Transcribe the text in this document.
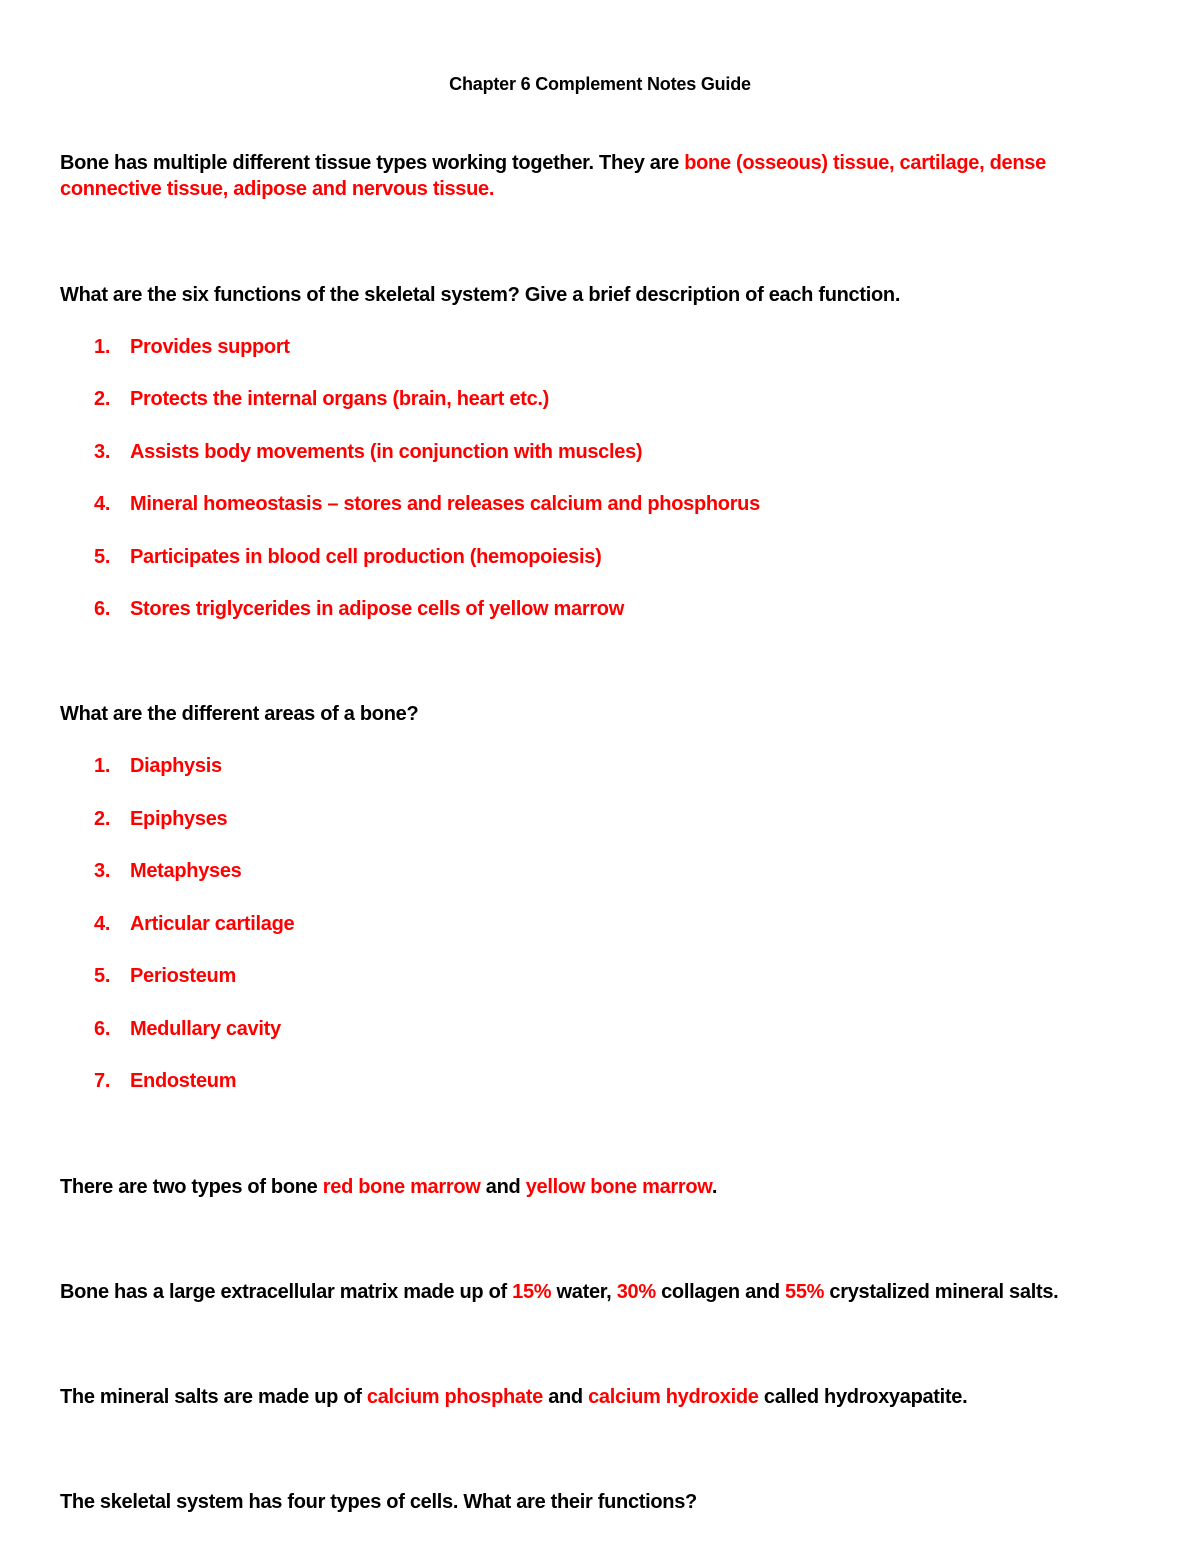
Chapter 6 Complement Notes Guide
Bone has multiple different tissue types working together. They are bone (osseous) tissue, cartilage, dense connective tissue, adipose and nervous tissue.
What are the six functions of the skeletal system? Give a brief description of each function.
1. Provides support
2. Protects the internal organs (brain, heart etc.)
3. Assists body movements (in conjunction with muscles)
4. Mineral homeostasis – stores and releases calcium and phosphorus
5. Participates in blood cell production (hemopoiesis)
6. Stores triglycerides in adipose cells of yellow marrow
What are the different areas of a bone?
1. Diaphysis
2. Epiphyses
3. Metaphyses
4. Articular cartilage
5. Periosteum
6. Medullary cavity
7. Endosteum
There are two types of bone red bone marrow and yellow bone marrow.
Bone has a large extracellular matrix made up of 15% water, 30% collagen and 55% crystalized mineral salts.
The mineral salts are made up of calcium phosphate and calcium hydroxide called hydroxyapatite.
The skeletal system has four types of cells. What are their functions?
